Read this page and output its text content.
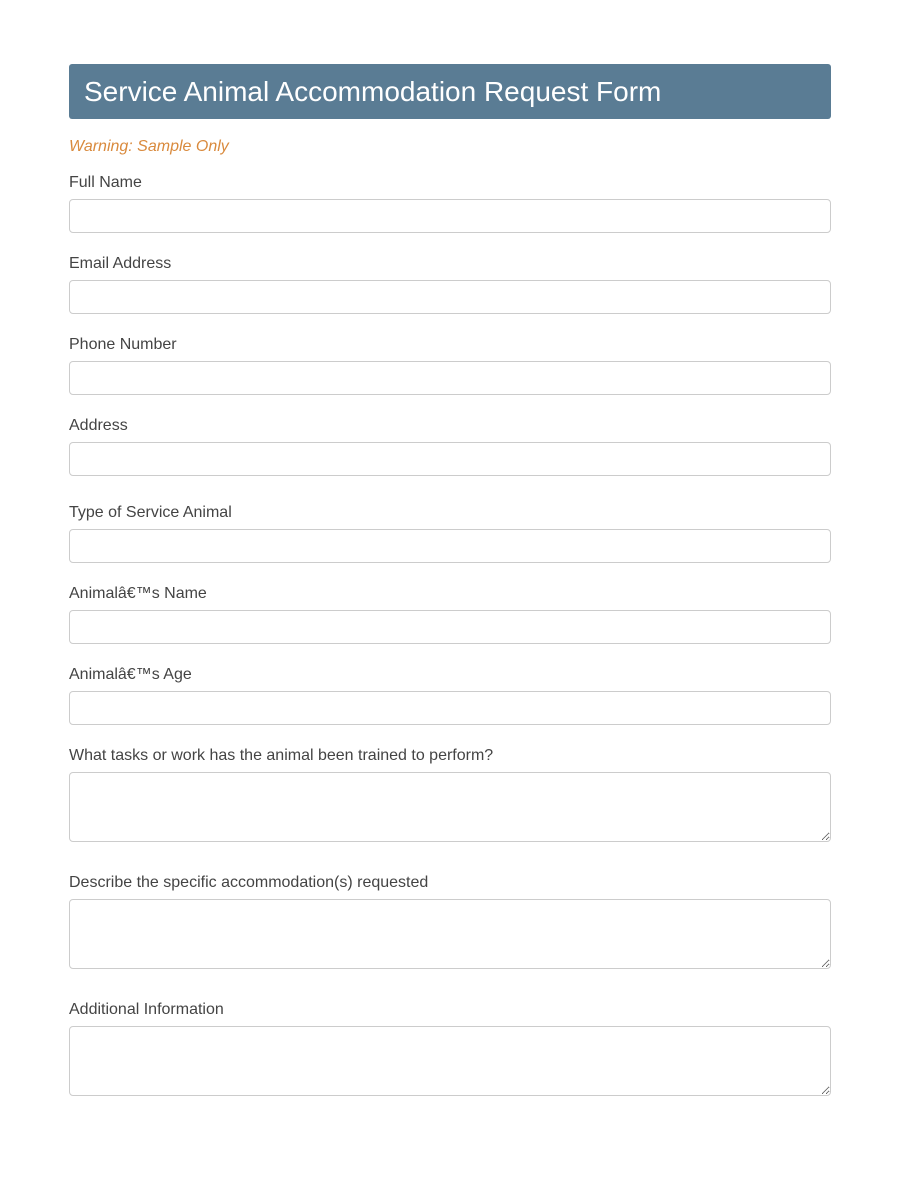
Service Animal Accommodation Request Form
Warning: Sample Only
Full Name
Email Address
Phone Number
Address
Type of Service Animal
Animalâ€™s Name
Animalâ€™s Age
What tasks or work has the animal been trained to perform?
Describe the specific accommodation(s) requested
Additional Information
